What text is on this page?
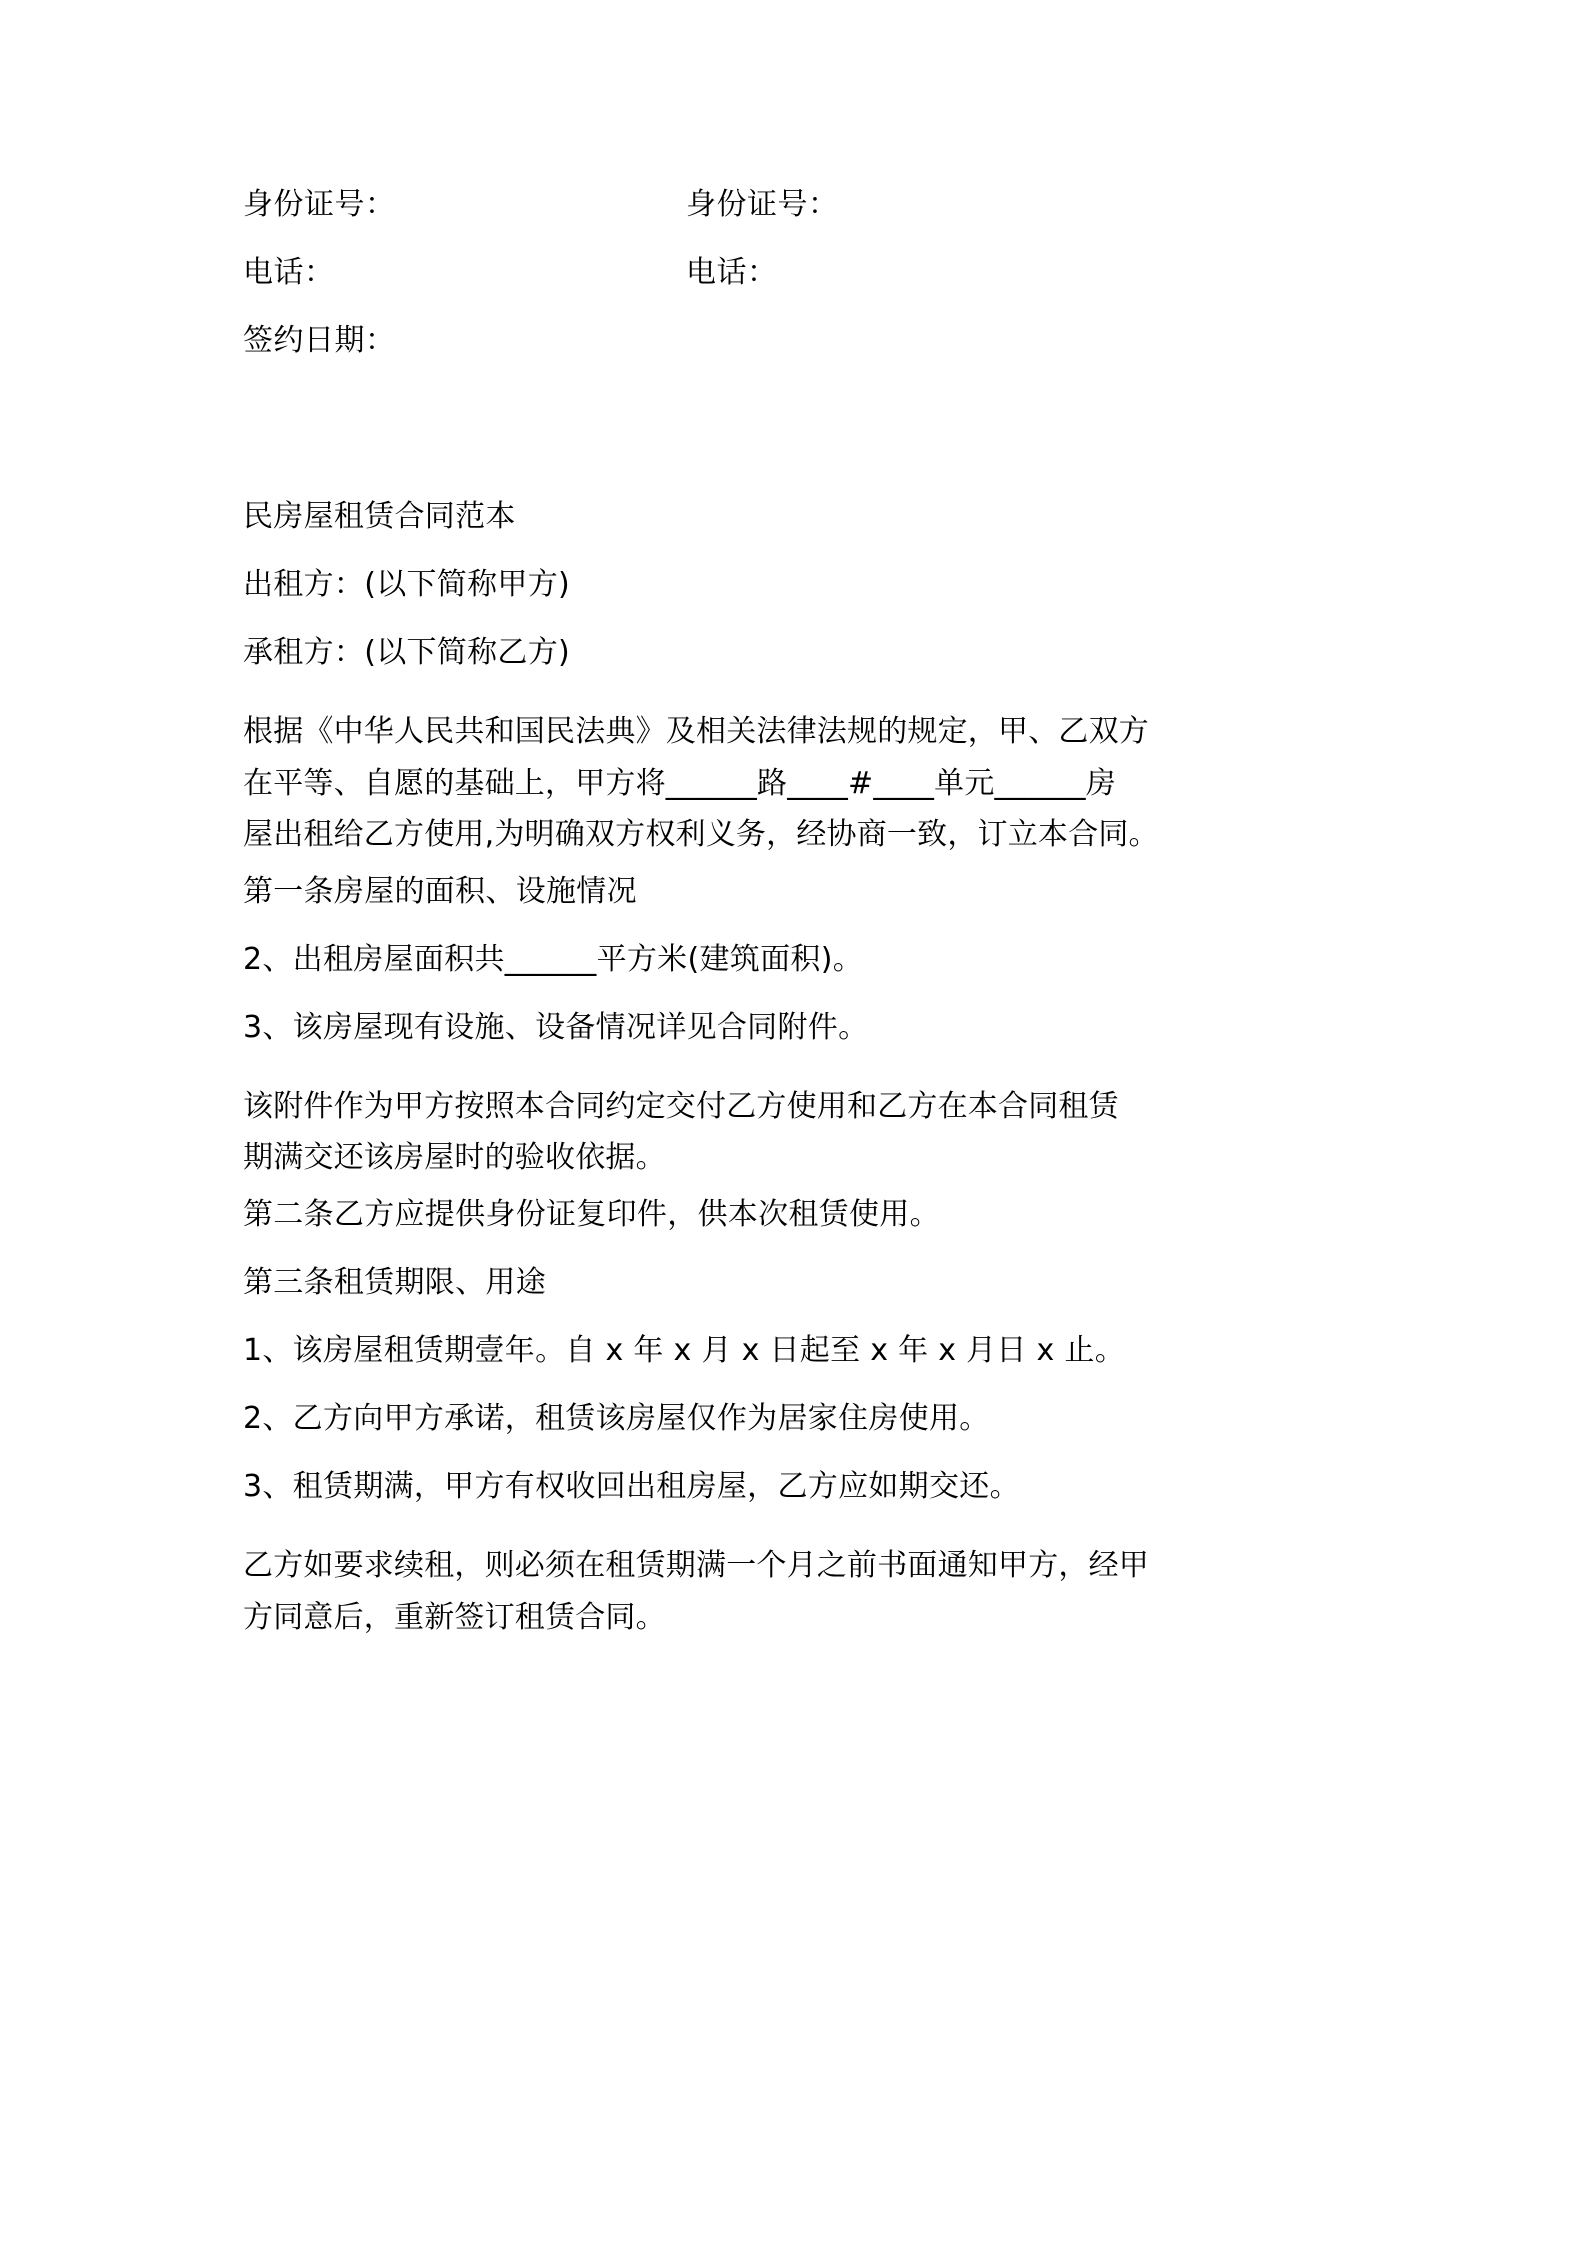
身份证号：	身份证号：
电话：	电话：
签约日期：
民房屋租赁合同范本
出租方：(以下简称甲方)
承租方：(以下简称乙方)
根据《中华人民共和国民法典》及相关法律法规的规定，甲、乙双方
在平等、自愿的基础上，甲方将______路____#____单元______房
屋出租给乙方使用,为明确双方权利义务，经协商一致，订立本合同。
第一条房屋的面积、设施情况
2、出租房屋面积共______平方米(建筑面积)。
3、该房屋现有设施、设备情况详见合同附件。
该附件作为甲方按照本合同约定交付乙方使用和乙方在本合同租赁
期满交还该房屋时的验收依据。
第二条乙方应提供身份证复印件，供本次租赁使用。
第三条租赁期限、用途
1、该房屋租赁期壹年。自 x 年 x 月 x 日起至 x 年 x 月日 x 止。
2、乙方向甲方承诺，租赁该房屋仅作为居家住房使用。
3、租赁期满，甲方有权收回出租房屋，乙方应如期交还。
乙方如要求续租，则必须在租赁期满一个月之前书面通知甲方，经甲
方同意后，重新签订租赁合同。
